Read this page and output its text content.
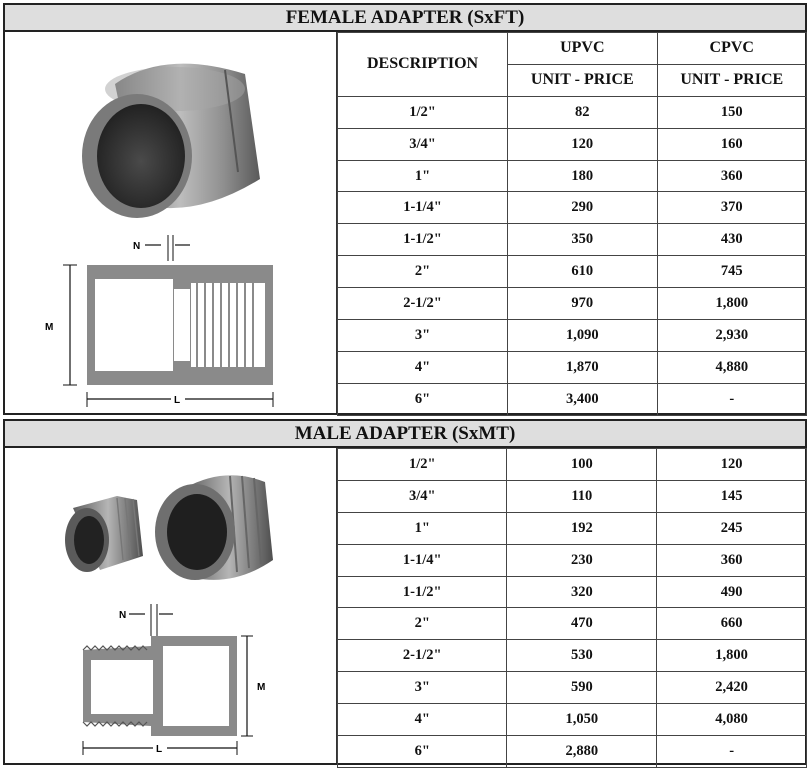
FEMALE ADAPTER (SxFT)
N
M
L
DESCRIPTION	UPVC	CPVC
	UNIT - PRICE	UNIT - PRICE
1/2"	82	150
3/4"	120	160
1"	180	360
1-1/4"	290	370
1-1/2"	350	430
2"	610	745
2-1/2"	970	1,800
3"	1,090	2,930
4"	1,870	4,880
6"	3,400	-
MALE ADAPTER (SxMT)
N
M
L
1/2"	100	120
3/4"	110	145
1"	192	245
1-1/4"	230	360
1-1/2"	320	490
2"	470	660
2-1/2"	530	1,800
3"	590	2,420
4"	1,050	4,080
6"	2,880	-
